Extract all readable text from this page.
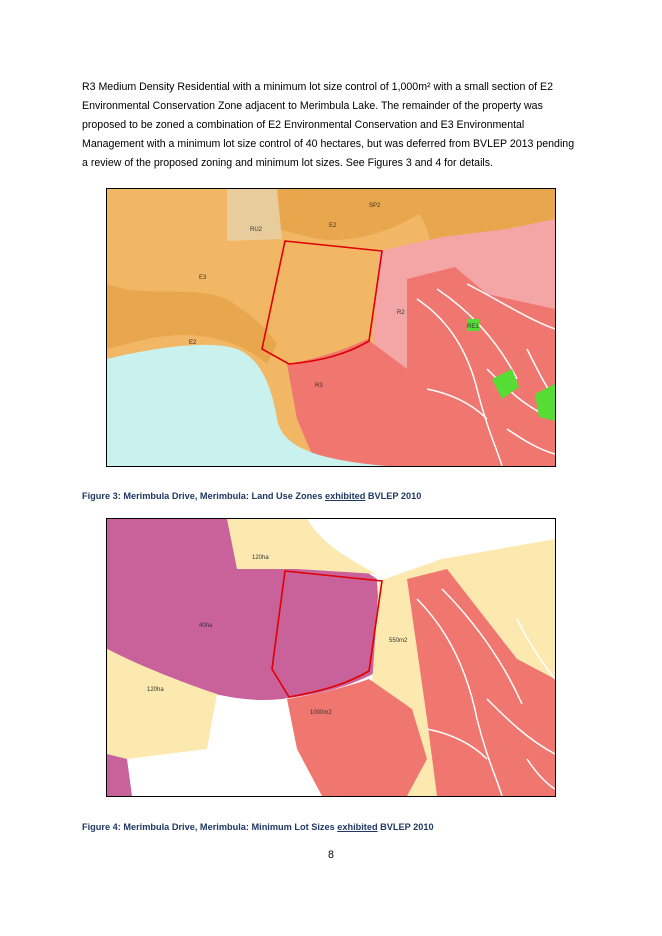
R3 Medium Density Residential with a minimum lot size control of 1,000m² with a small section of E2 Environmental Conservation Zone adjacent to Merimbula Lake. The remainder of the property was proposed to be zoned a combination of E2 Environmental Conservation and E3 Environmental Management with a minimum lot size control of 40 hectares, but was deferred from BVLEP 2013 pending a review of the proposed zoning and minimum lot sizes. See Figures 3 and 4 for details.

SP2
RU2
E2
E3
E2
R2
RE1
R3

Figure 3: Merimbula Drive, Merimbula: Land Use Zones exhibited BVLEP 2010

120ha
40ha
120ha
550m2
1000m2

Figure 4: Merimbula Drive, Merimbula: Minimum Lot Sizes exhibited BVLEP 2010

8
